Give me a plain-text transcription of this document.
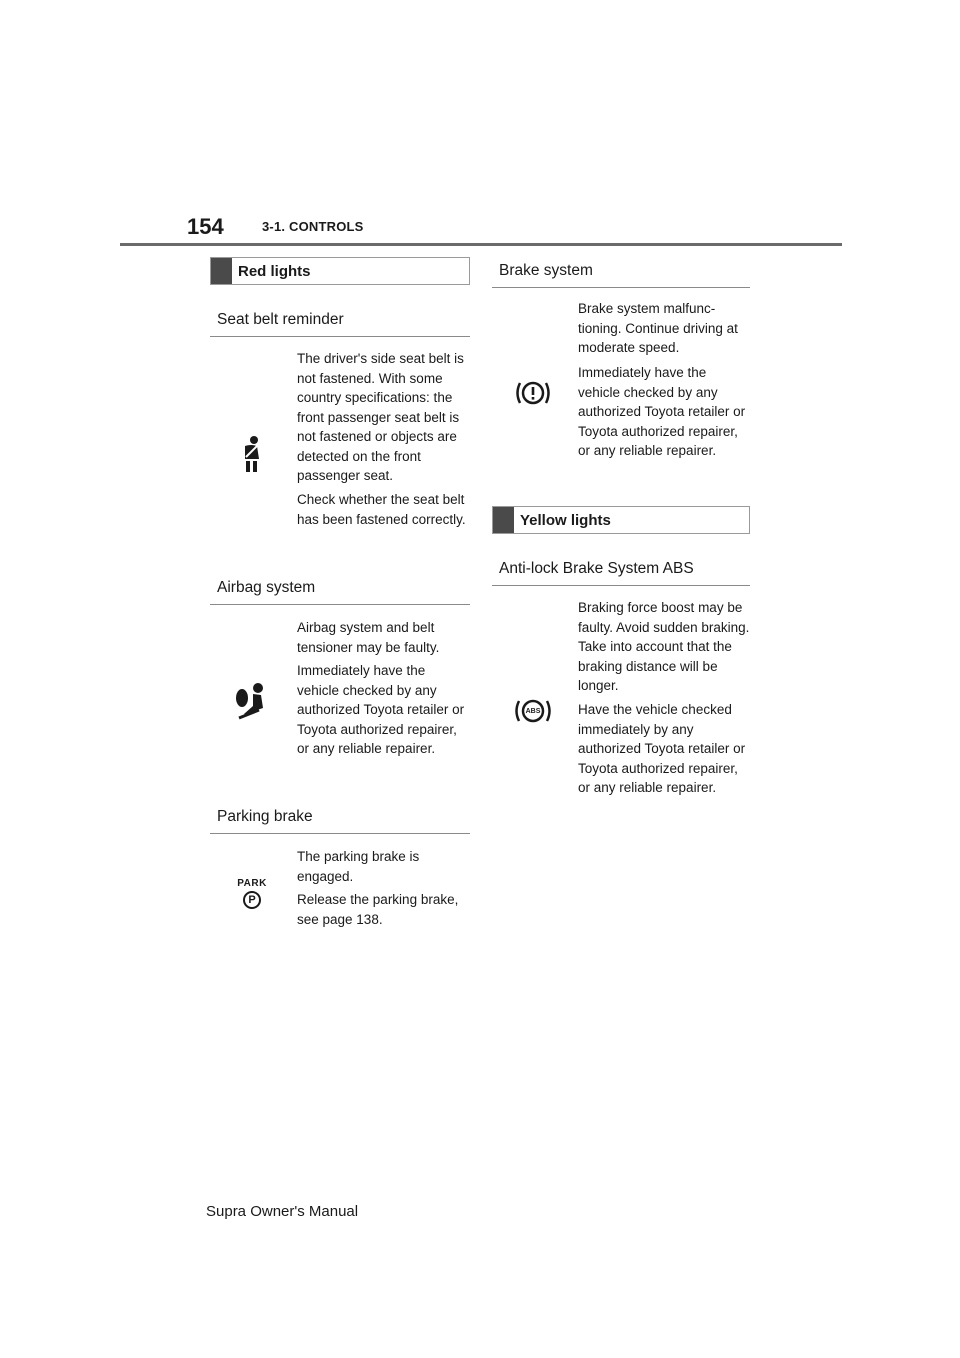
154	3-1. CONTROLS
Red lights
Seat belt reminder
The driver's side seat belt is not fastened. With some country specifications: the front passenger seat belt is not fastened or objects are detected on the front passenger seat.
Check whether the seat belt has been fastened correctly.
Airbag system
Airbag system and belt tensioner may be faulty.
Immediately have the vehicle checked by any authorized Toyota retailer or Toyota authorized repairer, or any reliable repairer.
Parking brake
PARK
P
The parking brake is engaged.
Release the parking brake, see page 138.
Brake system
Brake system malfunc-tioning. Continue driving at moderate speed.
Immediately have the vehicle checked by any authorized Toyota retailer or Toyota authorized repairer, or any reliable repairer.
Yellow lights
Anti-lock Brake System ABS
ABS
Braking force boost may be faulty. Avoid sudden braking. Take into account that the braking distance will be longer.
Have the vehicle checked immediately by any authorized Toyota retailer or Toyota authorized repairer, or any reliable repairer.
Supra Owner's Manual
